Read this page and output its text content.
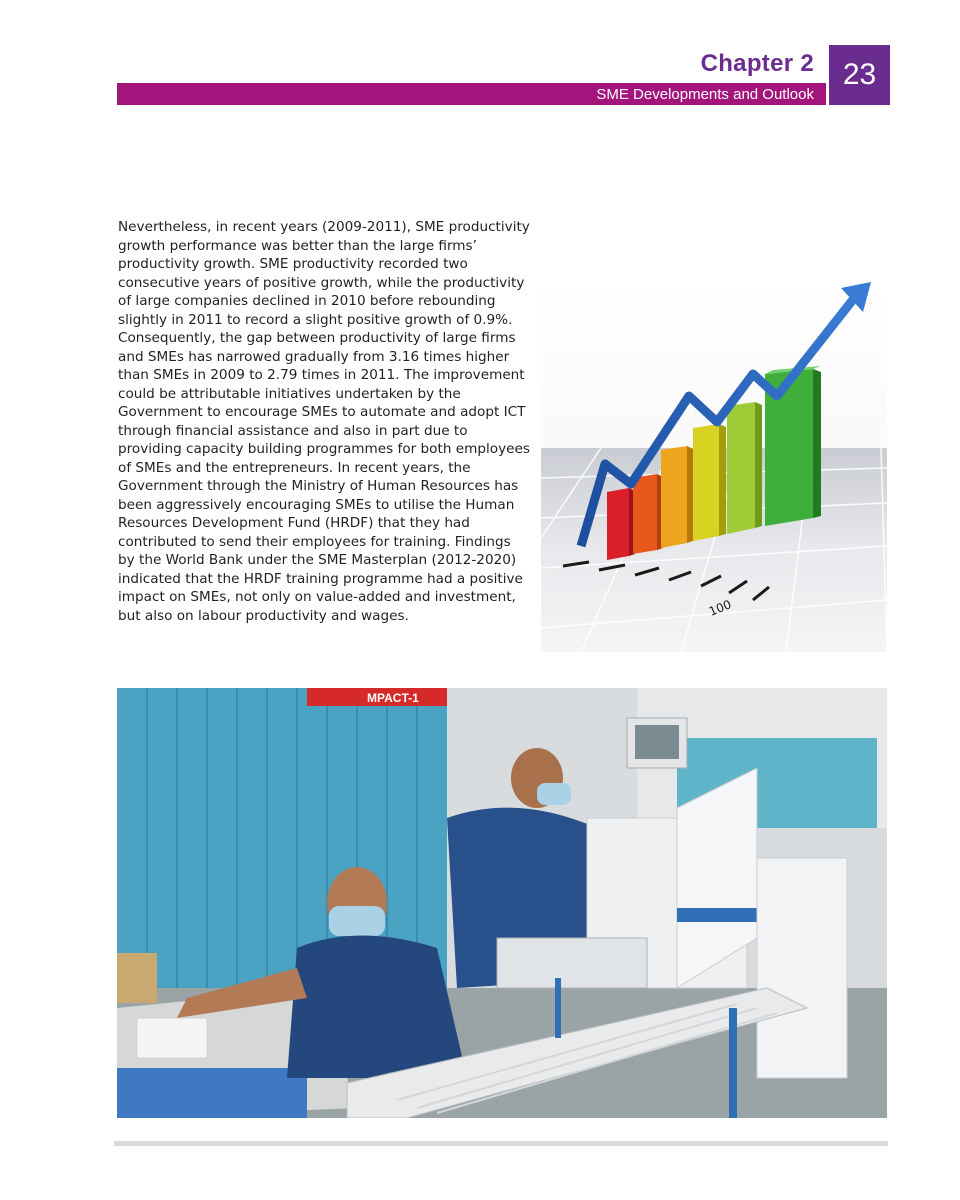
Chapter 2
SME Developments and Outlook
23

Nevertheless, in recent years (2009-2011), SME productivity growth performance was better than the large firms’ productivity growth. SME productivity recorded two consecutive years of positive growth, while the productivity of large companies declined in 2010 before rebounding slightly in 2011 to record a slight positive growth of 0.9%. Consequently, the gap between productivity of large firms and SMEs has narrowed gradually from 3.16 times higher than SMEs in 2009 to 2.79 times in 2011. The improvement could be attributable initiatives undertaken by the Government to encourage SMEs to automate and adopt ICT through financial assistance and also in part due to providing capacity building programmes for both employees of SMEs and the entrepreneurs. In recent years, the Government through the Ministry of Human Resources has been aggressively encouraging SMEs to utilise the Human Resources Development Fund (HRDF) that they had contributed to send their employees for training. Findings by the World Bank under the SME Masterplan (2012-2020) indicated that the HRDF training programme had a positive impact on SMEs, not only on value-added and investment, but also on labour productivity and wages.	100
MPACT-1
